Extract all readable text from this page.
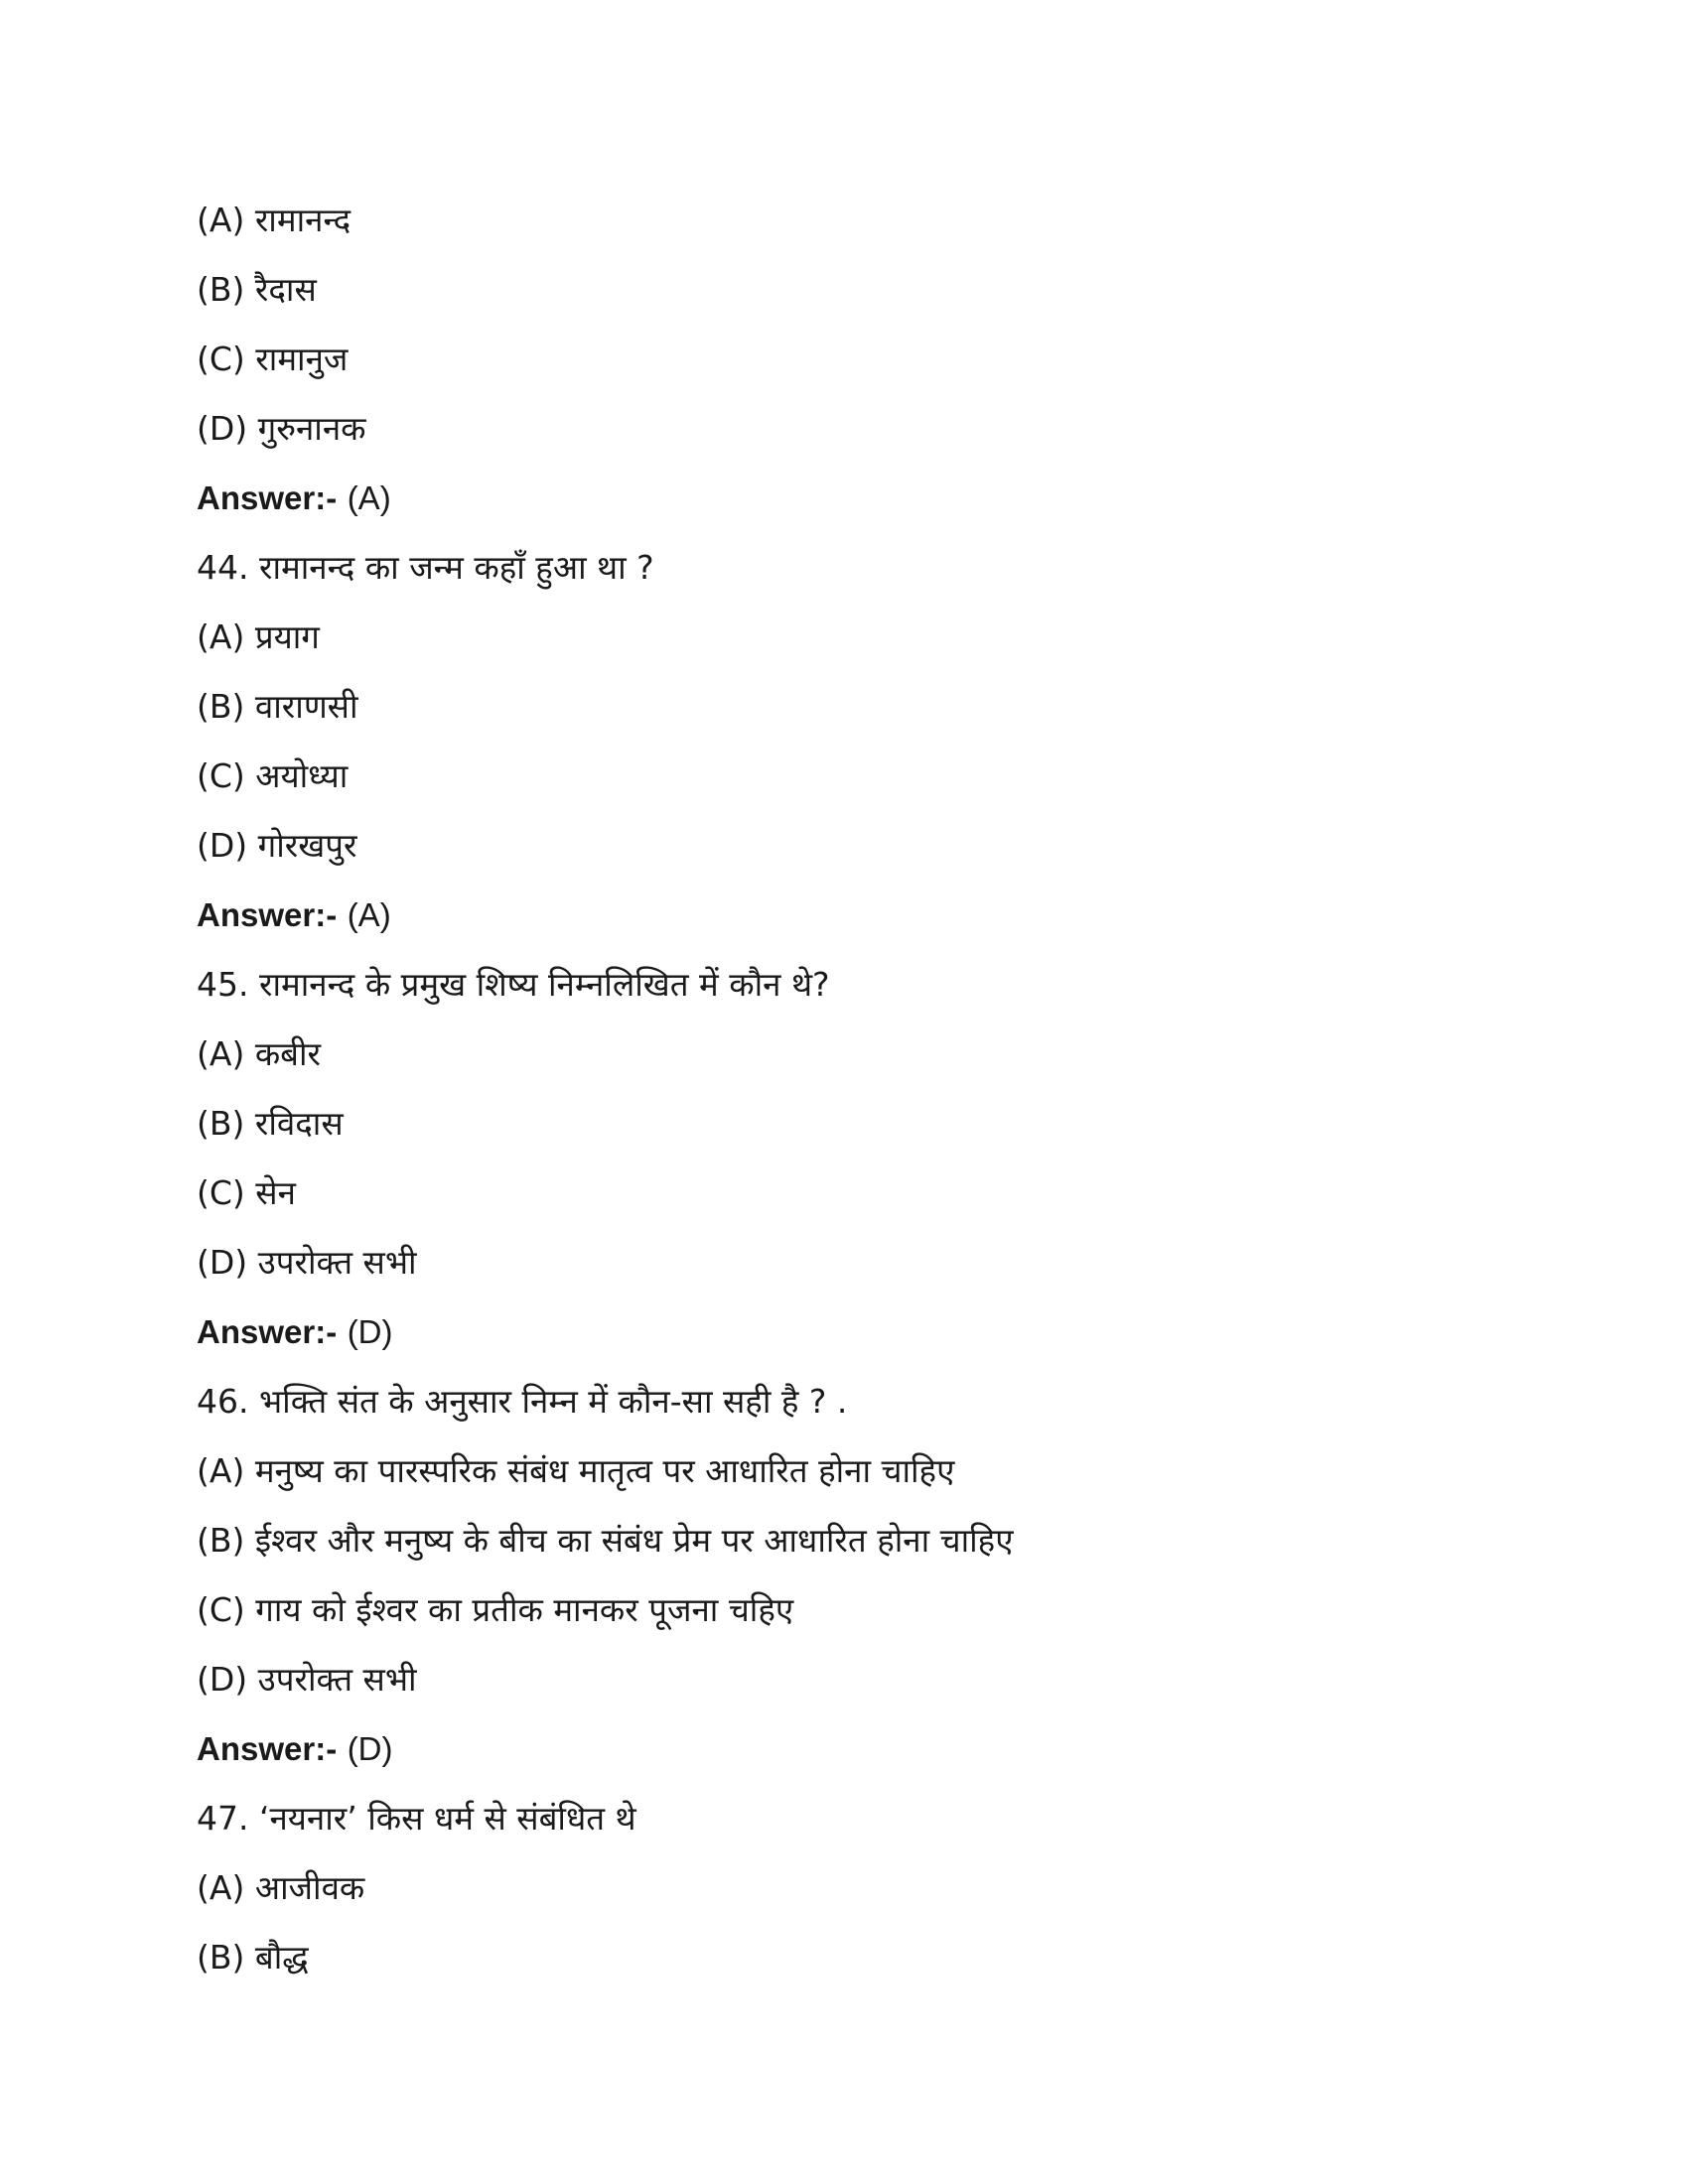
(A) रामानन्द
(B) रैदास
(C) रामानुज
(D) गुरुनानक
Answer:- (A)
44. रामानन्द का जन्म कहाँ हुआ था ?
(A) प्रयाग
(B) वाराणसी
(C) अयोध्या
(D) गोरखपुर
Answer:- (A)
45. रामानन्द के प्रमुख शिष्य निम्नलिखित में कौन थे?
(A) कबीर
(B) रविदास
(C) सेन
(D) उपरोक्त सभी
Answer:- (D)
46. भक्ति संत के अनुसार निम्न में कौन-सा सही है ? .
(A) मनुष्य का पारस्परिक संबंध मातृत्व पर आधारित होना चाहिए
(B) ईश्वर और मनुष्य के बीच का संबंध प्रेम पर आधारित होना चाहिए
(C) गाय को ईश्वर का प्रतीक मानकर पूजना चहिए
(D) उपरोक्त सभी
Answer:- (D)
47. ‘नयनार’ किस धर्म से संबंधित थे
(A) आजीवक
(B) बौद्ध
